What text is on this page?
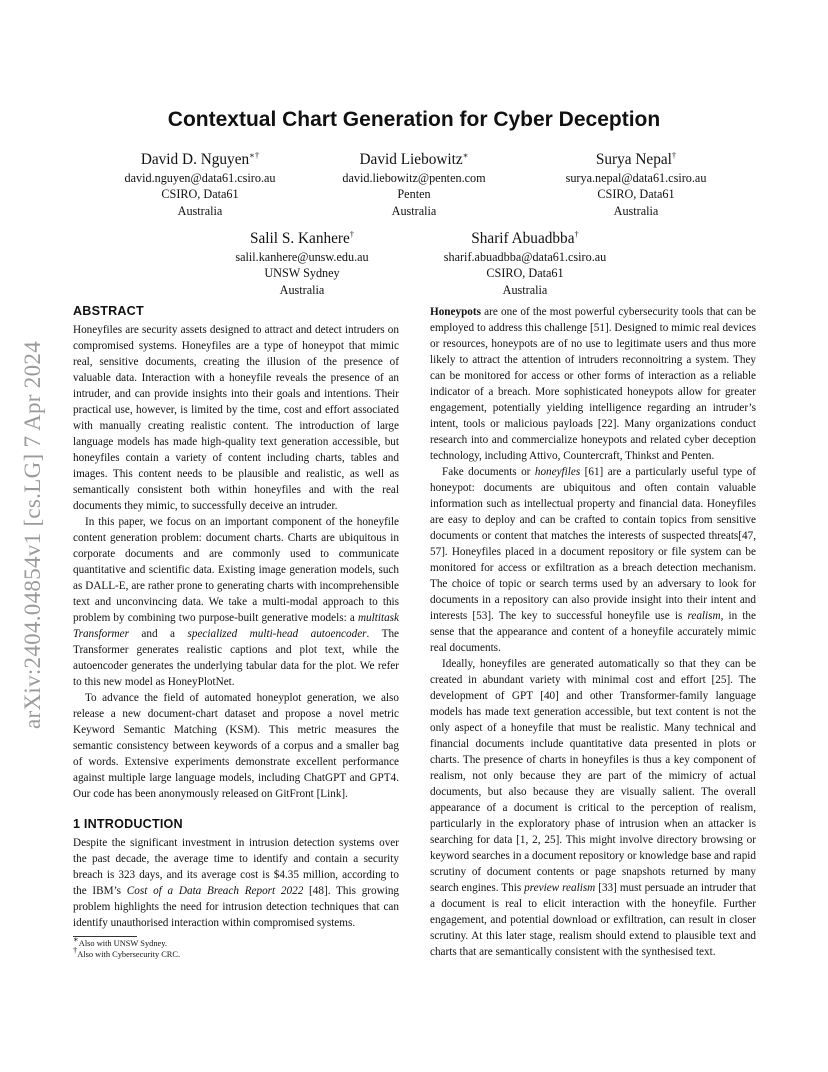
arXiv:2404.04854v1 [cs.LG] 7 Apr 2024
Contextual Chart Generation for Cyber Deception
David D. Nguyen∗†
david.nguyen@data61.csiro.au
CSIRO, Data61
Australia
David Liebowitz∗
david.liebowitz@penten.com
Penten
Australia
Surya Nepal†
surya.nepal@data61.csiro.au
CSIRO, Data61
Australia
Salil S. Kanhere†
salil.kanhere@unsw.edu.au
UNSW Sydney
Australia
Sharif Abuadbba†
sharif.abuadbba@data61.csiro.au
CSIRO, Data61
Australia
ABSTRACT

Honeyfiles are security assets designed to attract and detect intruders on compromised systems. Honeyfiles are a type of honeypot that mimic real, sensitive documents, creating the illusion of the presence of valuable data. Interaction with a honeyfile reveals the presence of an intruder, and can provide insights into their goals and intentions. Their practical use, however, is limited by the time, cost and effort associated with manually creating realistic content. The introduction of large language models has made high-quality text generation accessible, but honeyfiles contain a variety of content including charts, tables and images. This content needs to be plausible and realistic, as well as semantically consistent both within honeyfiles and with the real documents they mimic, to successfully deceive an intruder.

In this paper, we focus on an important component of the honeyfile content generation problem: document charts. Charts are ubiquitous in corporate documents and are commonly used to communicate quantitative and scientific data. Existing image generation models, such as DALL-E, are rather prone to generating charts with incomprehensible text and unconvincing data. We take a multi-modal approach to this problem by combining two purpose-built generative models: a multitask Transformer and a specialized multi-head autoencoder. The Transformer generates realistic captions and plot text, while the autoencoder generates the underlying tabular data for the plot. We refer to this new model as HoneyPlotNet.

To advance the field of automated honeyplot generation, we also release a new document-chart dataset and propose a novel metric Keyword Semantic Matching (KSM). This metric measures the semantic consistency between keywords of a corpus and a smaller bag of words. Extensive experiments demonstrate excellent performance against multiple large language models, including ChatGPT and GPT4. Our code has been anonymously released on GitFront [Link].

1 INTRODUCTION

Despite the significant investment in intrusion detection systems over the past decade, the average time to identify and contain a security breach is 323 days, and its average cost is $4.35 million, according to the IBM’s Cost of a Data Breach Report 2022 [48]. This growing problem highlights the need for intrusion detection techniques that can identify unauthorised interaction within compromised systems.

∗Also with UNSW Sydney.
†Also with Cybersecurity CRC.

Honeypots are one of the most powerful cybersecurity tools that can be employed to address this challenge [51]. Designed to mimic real devices or resources, honeypots are of no use to legitimate users and thus more likely to attract the attention of intruders reconnoitring a system. They can be monitored for access or other forms of interaction as a reliable indicator of a breach. More sophisticated honeypots allow for greater engagement, potentially yielding intelligence regarding an intruder’s intent, tools or malicious payloads [22]. Many organizations conduct research into and commercialize honeypots and related cyber deception technology, including Attivo, Countercraft, Thinkst and Penten.

Fake documents or honeyfiles [61] are a particularly useful type of honeypot: documents are ubiquitous and often contain valuable information such as intellectual property and financial data. Honeyfiles are easy to deploy and can be crafted to contain topics from sensitive documents or content that matches the interests of suspected threats[47, 57]. Honeyfiles placed in a document repository or file system can be monitored for access or exfiltration as a breach detection mechanism. The choice of topic or search terms used by an adversary to look for documents in a repository can also provide insight into their intent and interests [53]. The key to successful honeyfile use is realism, in the sense that the appearance and content of a honeyfile accurately mimic real documents.

Ideally, honeyfiles are generated automatically so that they can be created in abundant variety with minimal cost and effort [25]. The development of GPT [40] and other Transformer-family language models has made text generation accessible, but text content is not the only aspect of a honeyfile that must be realistic. Many technical and financial documents include quantitative data presented in plots or charts. The presence of charts in honeyfiles is thus a key component of realism, not only because they are part of the mimicry of actual documents, but also because they are visually salient. The overall appearance of a document is critical to the perception of realism, particularly in the exploratory phase of intrusion when an attacker is searching for data [1, 2, 25]. This might involve directory browsing or keyword searches in a document repository or knowledge base and rapid scrutiny of document contents or page snapshots returned by many search engines. This preview realism [33] must persuade an intruder that a document is real to elicit interaction with the honeyfile. Further engagement, and potential download or exfiltration, can result in closer scrutiny. At this later stage, realism should extend to plausible text and charts that are semantically consistent with the synthesised text.
